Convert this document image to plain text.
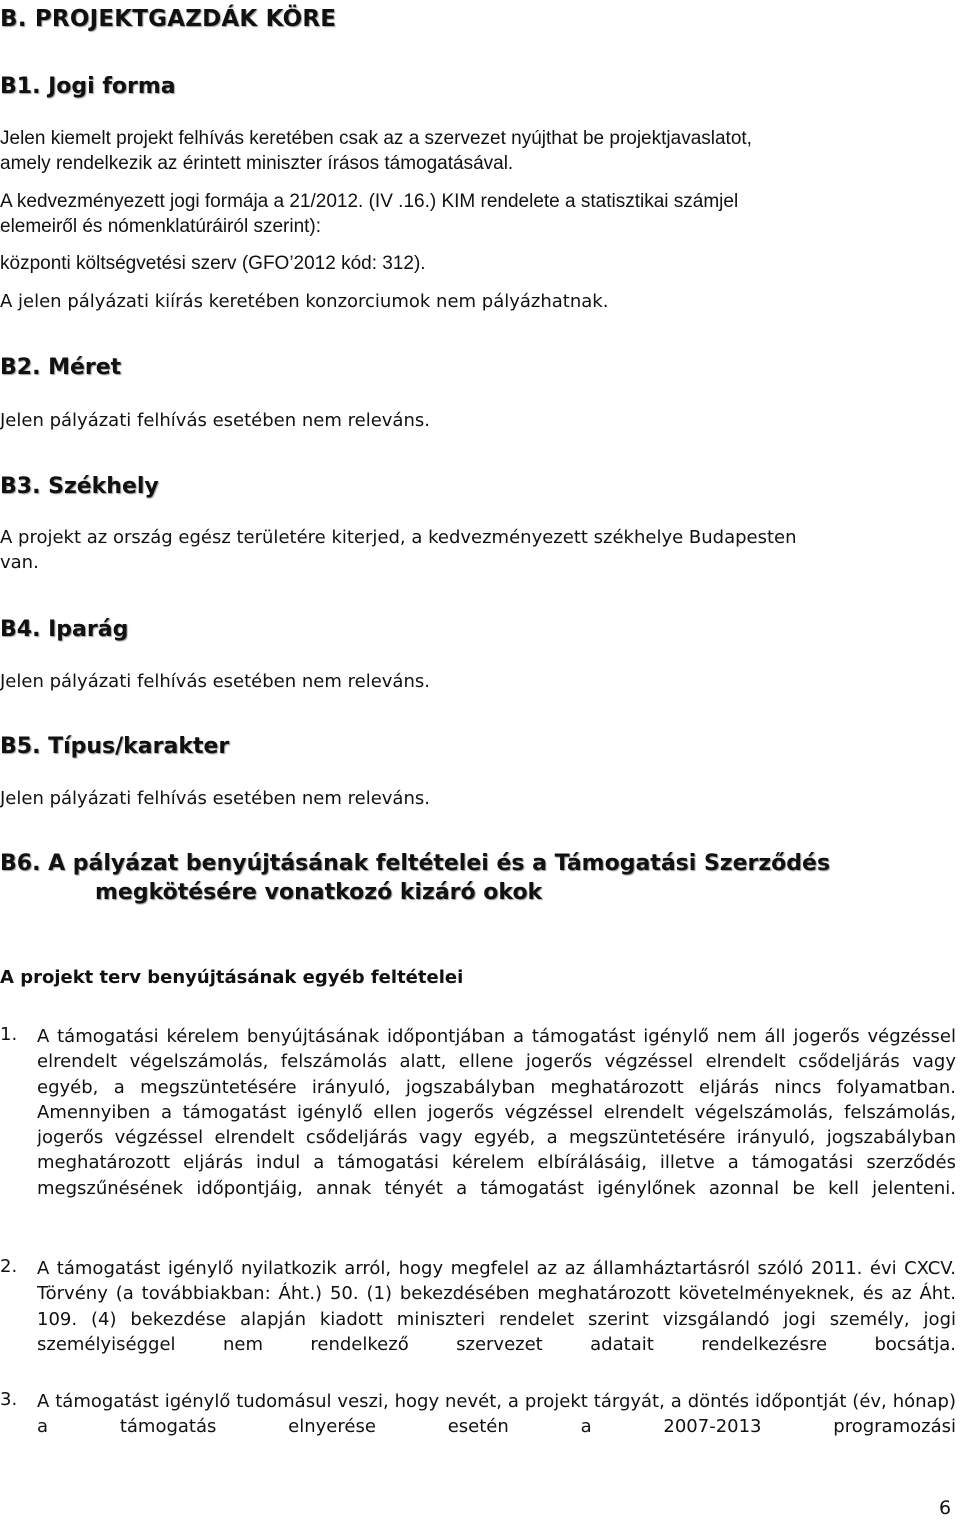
B. PROJEKTGAZDÁK KÖRE
B1. Jogi forma
Jelen kiemelt projekt felhívás keretében csak az a szervezet nyújthat be projektjavaslatot,
amely rendelkezik az érintett miniszter írásos támogatásával.
A kedvezményezett jogi formája a 21/2012. (IV .16.) KIM rendelete a statisztikai számjel
elemeiről és nómenklatúráiról szerint):
központi költségvetési szerv (GFO’2012 kód: 312).
A jelen pályázati kiírás keretében konzorciumok nem pályázhatnak.
B2. Méret
Jelen pályázati felhívás esetében nem releváns.
B3. Székhely
A projekt az ország egész területére kiterjed, a kedvezményezett székhelye Budapesten
van.
B4. Iparág
Jelen pályázati felhívás esetében nem releváns.
B5. Típus/karakter
Jelen pályázati felhívás esetében nem releváns.
B6. A pályázat benyújtásának feltételei és a Támogatási Szerződés
megkötésére vonatkozó kizáró okok
A projekt terv benyújtásának egyéb feltételei
1. A támogatási kérelem benyújtásának időpontjában a támogatást igénylő nem áll jogerős végzéssel elrendelt végelszámolás, felszámolás alatt, ellene jogerős végzéssel elrendelt csődeljárás vagy egyéb, a megszüntetésére irányuló, jogszabályban meghatározott eljárás nincs folyamatban. Amennyiben a támogatást igénylő ellen jogerős végzéssel elrendelt végelszámolás, felszámolás, jogerős végzéssel elrendelt csődeljárás vagy egyéb, a megszüntetésére irányuló, jogszabályban meghatározott eljárás indul a támogatási kérelem elbírálásáig, illetve a támogatási szerződés megszűnésének időpontjáig, annak tényét a támogatást igénylőnek azonnal be kell jelenteni.
2. A támogatást igénylő nyilatkozik arról, hogy megfelel az az államháztartásról szóló 2011. évi CXCV. Törvény (a továbbiakban: Áht.) 50. (1) bekezdésében meghatározott követelményeknek, és az Áht. 109. (4) bekezdése alapján kiadott miniszteri rendelet szerint vizsgálandó jogi személy, jogi személyiséggel nem rendelkező szervezet adatait rendelkezésre bocsátja.
3. A támogatást igénylő tudomásul veszi, hogy nevét, a projekt tárgyát, a döntés időpontját (év, hónap) a támogatás elnyerése esetén a 2007-2013 programozási
6
